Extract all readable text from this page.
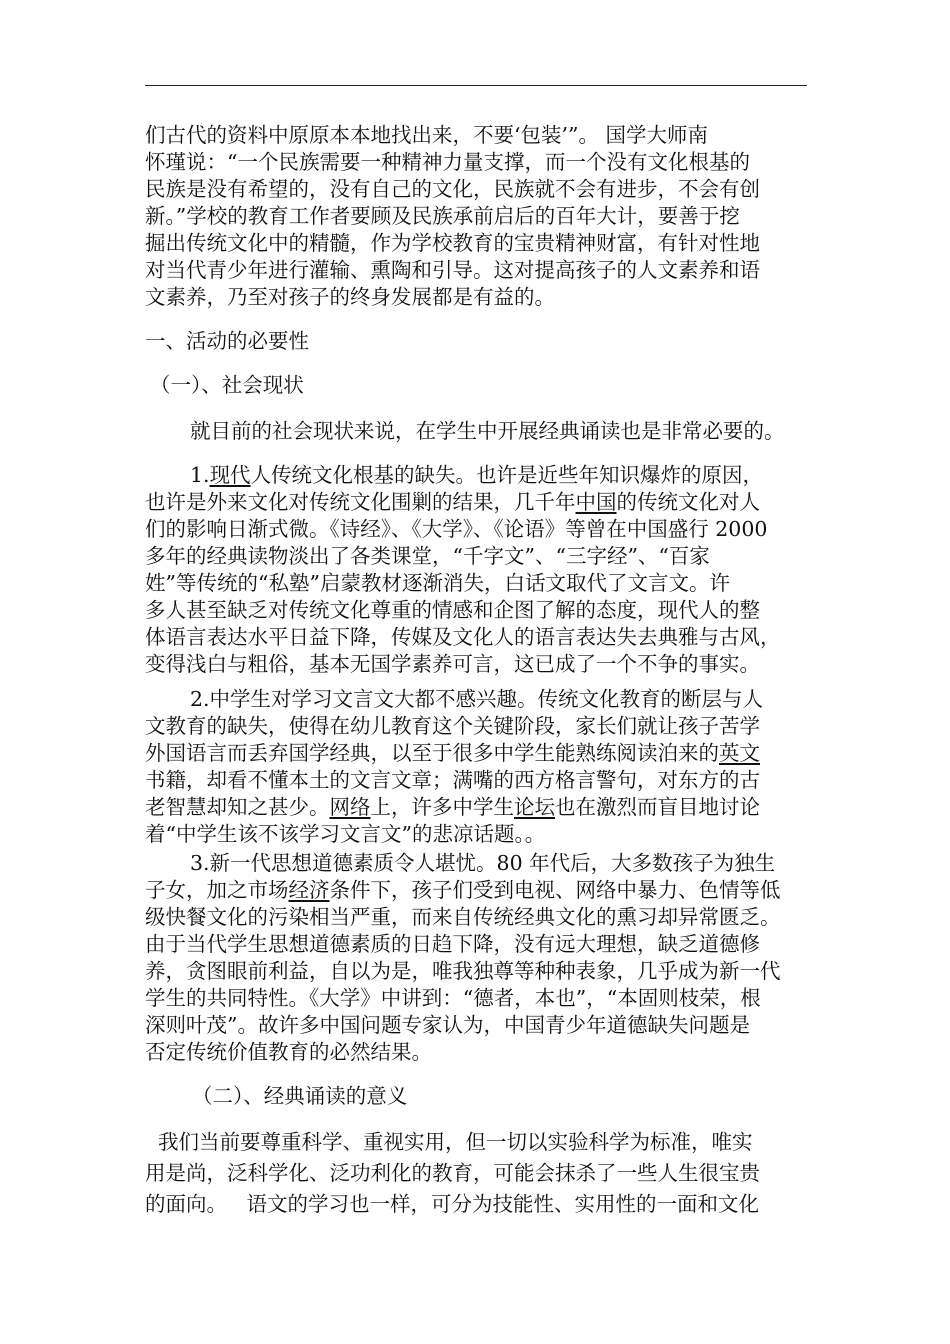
们古代的资料中原原本本地找出来，不要‘包装’”。 国学大师南
怀瑾说：“一个民族需要一种精神力量支撑，而一个没有文化根基的
民族是没有希望的，没有自己的文化，民族就不会有进步，不会有创
新。”学校的教育工作者要顾及民族承前启后的百年大计，要善于挖
掘出传统文化中的精髓，作为学校教育的宝贵精神财富，有针对性地
对当代青少年进行灌输、熏陶和引导。这对提高孩子的人文素养和语
文素养，乃至对孩子的终身发展都是有益的。
一、活动的必要性
（一）、社会现状
就目前的社会现状来说，在学生中开展经典诵读也是非常必要的。
1.现代人传统文化根基的缺失。也许是近些年知识爆炸的原因，
也许是外来文化对传统文化围剿的结果，几千年中国的传统文化对人
们的影响日渐式微。《诗经》、《大学》、《论语》等曾在中国盛行 2000
多年的经典读物淡出了各类课堂，“千字文”、“三字经”、“百家
姓”等传统的“私塾”启蒙教材逐渐消失，白话文取代了文言文。许
多人甚至缺乏对传统文化尊重的情感和企图了解的态度，现代人的整
体语言表达水平日益下降，传媒及文化人的语言表达失去典雅与古风，
变得浅白与粗俗，基本无国学素养可言，这已成了一个不争的事实。
2.中学生对学习文言文大都不感兴趣。传统文化教育的断层与人
文教育的缺失，使得在幼儿教育这个关键阶段，家长们就让孩子苦学
外国语言而丢弃国学经典，以至于很多中学生能熟练阅读泊来的英文
书籍，却看不懂本土的文言文章；满嘴的西方格言警句，对东方的古
老智慧却知之甚少。网络上，许多中学生论坛也在激烈而盲目地讨论
着“中学生该不该学习文言文”的悲凉话题。。
3.新一代思想道德素质令人堪忧。80 年代后，大多数孩子为独生
子女，加之市场经济条件下，孩子们受到电视、网络中暴力、色情等低
级快餐文化的污染相当严重，而来自传统经典文化的熏习却异常匮乏。
由于当代学生思想道德素质的日趋下降，没有远大理想，缺乏道德修
养，贪图眼前利益，自以为是，唯我独尊等种种表象，几乎成为新一代
学生的共同特性。《大学》中讲到：“德者，本也”，“本固则枝荣，根
深则叶茂”。故许多中国问题专家认为，中国青少年道德缺失问题是
否定传统价值教育的必然结果。
（二）、经典诵读的意义
我们当前要尊重科学、重视实用，但一切以实验科学为标准，唯实
用是尚，泛科学化、泛功利化的教育，可能会抹杀了一些人生很宝贵
的面向。   语文的学习也一样，可分为技能性、实用性的一面和文化
